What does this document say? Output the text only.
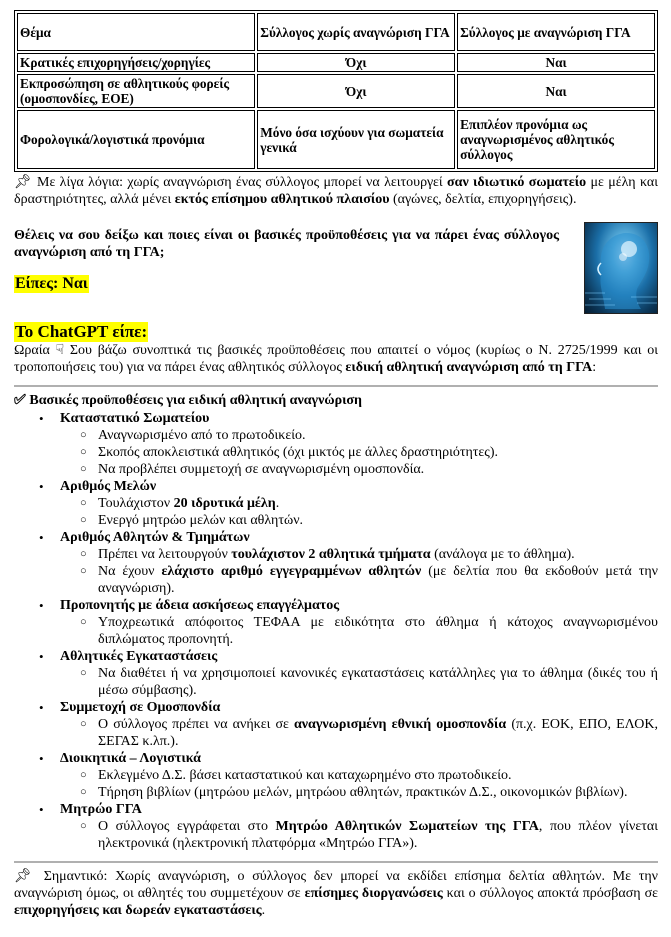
Θέμα	Σύλλογος χωρίς αναγνώριση ΓΓΑ	Σύλλογος με αναγνώριση ΓΓΑ
Κρατικές επιχορηγήσεις/χορηγίες	Όχι	Ναι
Εκπροσώπηση σε αθλητικούς φορείς (ομοσπονδίες, ΕΟΕ)	Όχι	Ναι
Φορολογικά/λογιστικά προνόμια	Μόνο όσα ισχύουν για σωματεία γενικά	Επιπλέον προνόμια ως αναγνωρισμένος αθλητικός σύλλογος

📌︎ Με λίγα λόγια: χωρίς αναγνώριση ένας σύλλογος μπορεί να λειτουργεί σαν ιδιωτικό σωματείο με μέλη και δραστηριότητες, αλλά μένει εκτός επίσημου αθλητικού πλαισίου (αγώνες, δελτία, επιχορηγήσεις).

Θέλεις να σου δείξω και ποιες είναι οι βασικές προϋποθέσεις για να πάρει ένας σύλλογος αναγνώριση από τη ΓΓΑ;

Είπες: Ναι
Το ChatGPT είπε:

Ωραία ☟ Σου βάζω συνοπτικά τις βασικές προϋποθέσεις που απαιτεί ο νόμος (κυρίως ο Ν. 2725/1999 και οι τροποποιήσεις του) για να πάρει ένας αθλητικός σύλλογος ειδική αθλητική αναγνώριση από τη ΓΓΑ:

✅︎ Βασικές προϋποθέσεις για ειδική αθλητική αναγνώριση
• Καταστατικό Σωματείου
○ Αναγνωρισμένο από το πρωτοδικείο.
○ Σκοπός αποκλειστικά αθλητικός (όχι μικτός με άλλες δραστηριότητες).
○ Να προβλέπει συμμετοχή σε αναγνωρισμένη ομοσπονδία.
• Αριθμός Μελών
○ Τουλάχιστον 20 ιδρυτικά μέλη.
○ Ενεργό μητρώο μελών και αθλητών.
• Αριθμός Αθλητών & Τμημάτων
○ Πρέπει να λειτουργούν τουλάχιστον 2 αθλητικά τμήματα (ανάλογα με το άθλημα).
○ Να έχουν ελάχιστο αριθμό εγγεγραμμένων αθλητών (με δελτία που θα εκδοθούν μετά την αναγνώριση).
• Προπονητής με άδεια ασκήσεως επαγγέλματος
○ Υποχρεωτικά απόφοιτος ΤΕΦΑΑ με ειδικότητα στο άθλημα ή κάτοχος αναγνωρισμένου διπλώματος προπονητή.
• Αθλητικές Εγκαταστάσεις
○ Να διαθέτει ή να χρησιμοποιεί κανονικές εγκαταστάσεις κατάλληλες για το άθλημα (δικές του ή μέσω σύμβασης).
• Συμμετοχή σε Ομοσπονδία
○ Ο σύλλογος πρέπει να ανήκει σε αναγνωρισμένη εθνική ομοσπονδία (π.χ. ΕΟΚ, ΕΠΟ, ΕΛΟΚ, ΣΕΓΑΣ κ.λπ.).
• Διοικητικά – Λογιστικά
○ Εκλεγμένο Δ.Σ. βάσει καταστατικού και καταχωρημένο στο πρωτοδικείο.
○ Τήρηση βιβλίων (μητρώου μελών, μητρώου αθλητών, πρακτικών Δ.Σ., οικονομικών βιβλίων).
• Μητρώο ΓΓΑ
○ Ο σύλλογος εγγράφεται στο Μητρώο Αθλητικών Σωματείων της ΓΓΑ, που πλέον γίνεται ηλεκτρονικά (ηλεκτρονική πλατφόρμα «Μητρώο ΓΓΑ»).

📌︎ Σημαντικό: Χωρίς αναγνώριση, ο σύλλογος δεν μπορεί να εκδίδει επίσημα δελτία αθλητών. Με την αναγνώριση όμως, οι αθλητές του συμμετέχουν σε επίσημες διοργανώσεις και ο σύλλογος αποκτά πρόσβαση σε επιχορηγήσεις και δωρεάν εγκαταστάσεις.
